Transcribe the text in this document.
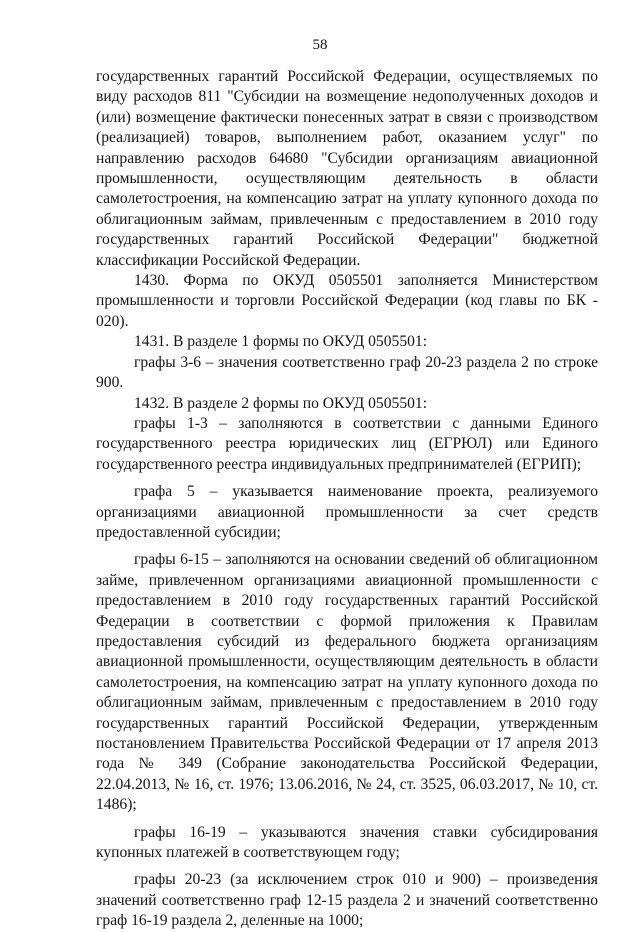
58

государственных гарантий Российской Федерации, осуществляемых по виду расходов 811 "Субсидии на возмещение недополученных доходов и (или) возмещение фактически понесенных затрат в связи с производством (реализацией) товаров, выполнением работ, оказанием услуг" по направлению расходов 64680 "Субсидии организациям авиационной промышленности, осуществляющим деятельность в области самолетостроения, на компенсацию затрат на уплату купонного дохода по облигационным займам, привлеченным с предоставлением в 2010 году государственных гарантий Российской Федерации" бюджетной классификации Российской Федерации.

1430. Форма по ОКУД 0505501 заполняется Министерством промышленности и торговли Российской Федерации (код главы по БК - 020).

1431. В разделе 1 формы по ОКУД 0505501:

графы 3-6 – значения соответственно граф 20-23 раздела 2 по строке 900.

1432. В разделе 2 формы по ОКУД 0505501:

графы 1-3 – заполняются в соответствии с данными Единого государственного реестра юридических лиц (ЕГРЮЛ) или Единого государственного реестра индивидуальных предпринимателей (ЕГРИП);

графа 5 – указывается наименование проекта, реализуемого организациями авиационной промышленности за счет средств предоставленной субсидии;

графы 6-15 – заполняются на основании сведений об облигационном займе, привлеченном организациями авиационной промышленности с предоставлением в 2010 году государственных гарантий Российской Федерации в соответствии с формой приложения к Правилам предоставления субсидий из федерального бюджета организациям авиационной промышленности, осуществляющим деятельность в области самолетостроения, на компенсацию затрат на уплату купонного дохода по облигационным займам, привлеченным с предоставлением в 2010 году государственных гарантий Российской Федерации, утвержденным постановлением Правительства Российской Федерации от 17 апреля 2013 года № 349 (Собрание законодательства Российской Федерации, 22.04.2013, № 16, ст. 1976; 13.06.2016, № 24, ст. 3525, 06.03.2017, № 10, ст. 1486);

графы 16-19 – указываются значения ставки субсидирования купонных платежей в соответствующем году;

графы 20-23 (за исключением строк 010 и 900) – произведения значений соответственно граф 12-15 раздела 2 и значений соответственно граф 16-19 раздела 2, деленные на 1000;
